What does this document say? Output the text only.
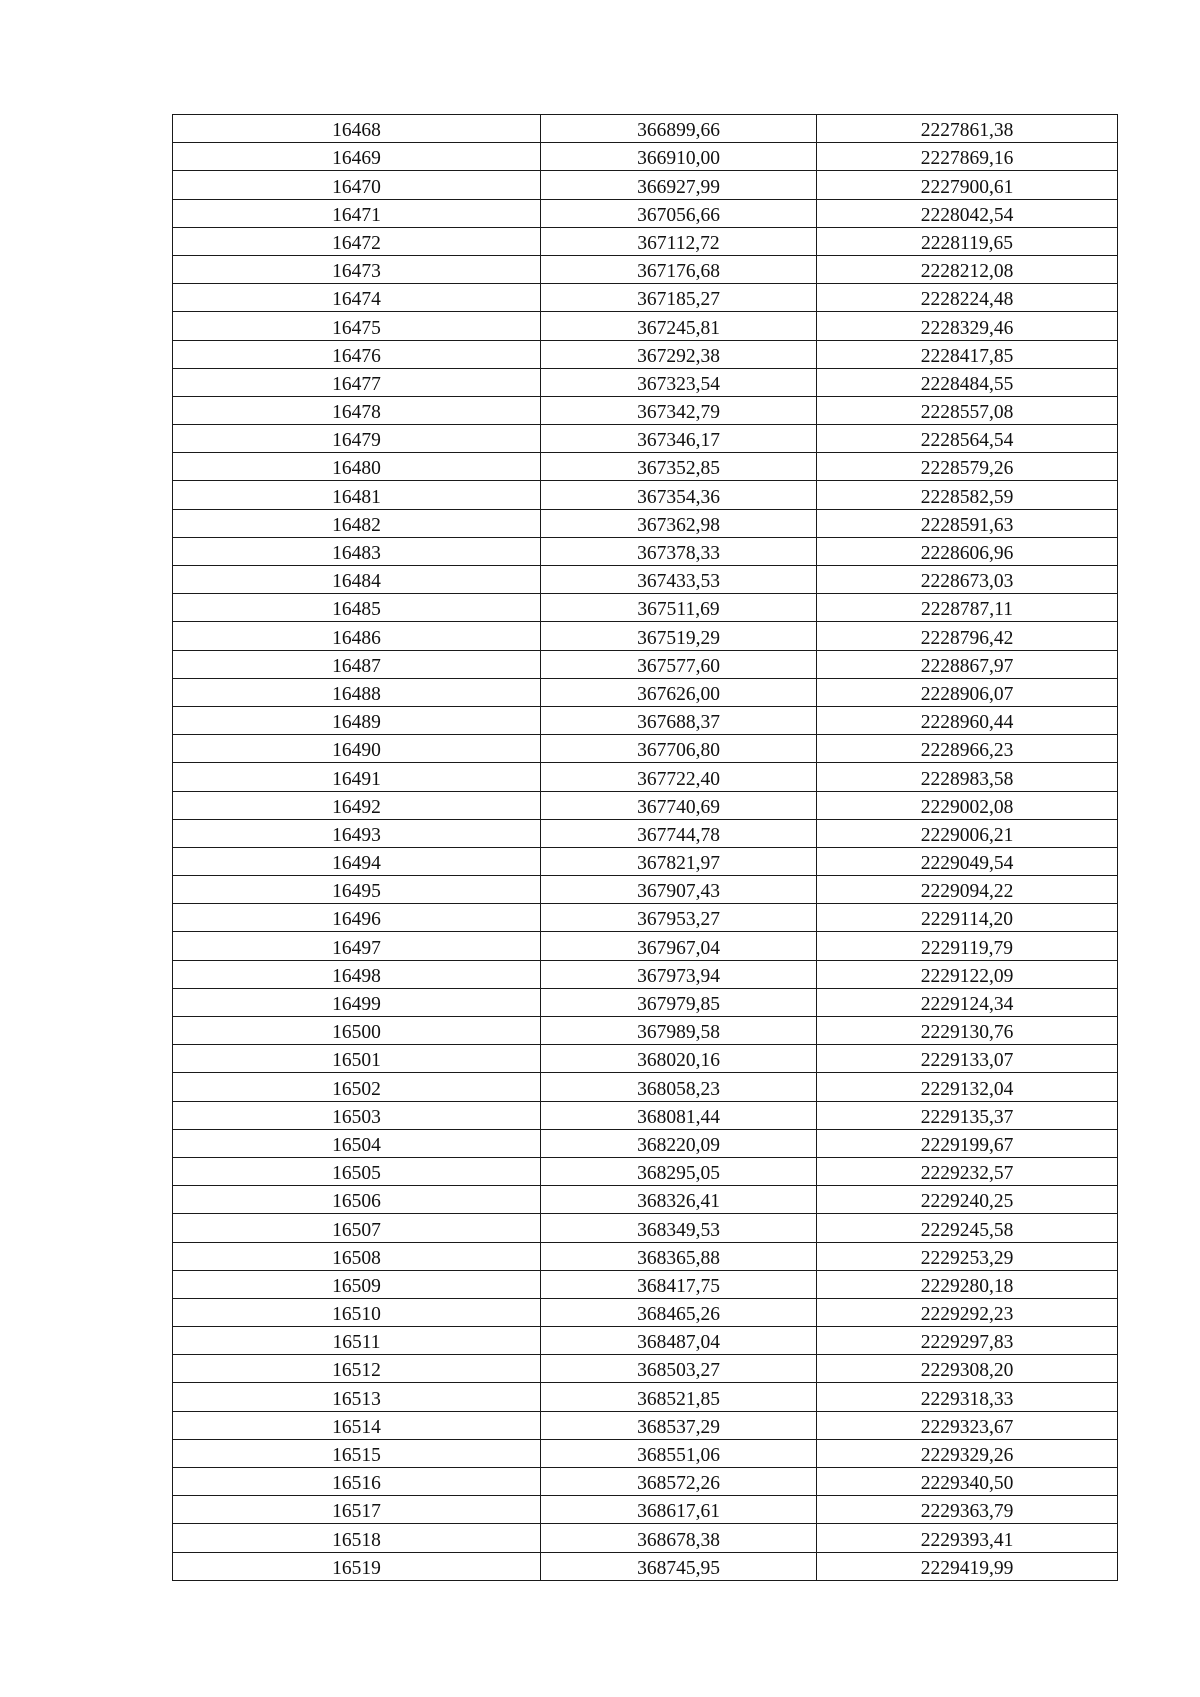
16468	366899,66	2227861,38
16469	366910,00	2227869,16
16470	366927,99	2227900,61
16471	367056,66	2228042,54
16472	367112,72	2228119,65
16473	367176,68	2228212,08
16474	367185,27	2228224,48
16475	367245,81	2228329,46
16476	367292,38	2228417,85
16477	367323,54	2228484,55
16478	367342,79	2228557,08
16479	367346,17	2228564,54
16480	367352,85	2228579,26
16481	367354,36	2228582,59
16482	367362,98	2228591,63
16483	367378,33	2228606,96
16484	367433,53	2228673,03
16485	367511,69	2228787,11
16486	367519,29	2228796,42
16487	367577,60	2228867,97
16488	367626,00	2228906,07
16489	367688,37	2228960,44
16490	367706,80	2228966,23
16491	367722,40	2228983,58
16492	367740,69	2229002,08
16493	367744,78	2229006,21
16494	367821,97	2229049,54
16495	367907,43	2229094,22
16496	367953,27	2229114,20
16497	367967,04	2229119,79
16498	367973,94	2229122,09
16499	367979,85	2229124,34
16500	367989,58	2229130,76
16501	368020,16	2229133,07
16502	368058,23	2229132,04
16503	368081,44	2229135,37
16504	368220,09	2229199,67
16505	368295,05	2229232,57
16506	368326,41	2229240,25
16507	368349,53	2229245,58
16508	368365,88	2229253,29
16509	368417,75	2229280,18
16510	368465,26	2229292,23
16511	368487,04	2229297,83
16512	368503,27	2229308,20
16513	368521,85	2229318,33
16514	368537,29	2229323,67
16515	368551,06	2229329,26
16516	368572,26	2229340,50
16517	368617,61	2229363,79
16518	368678,38	2229393,41
16519	368745,95	2229419,99
